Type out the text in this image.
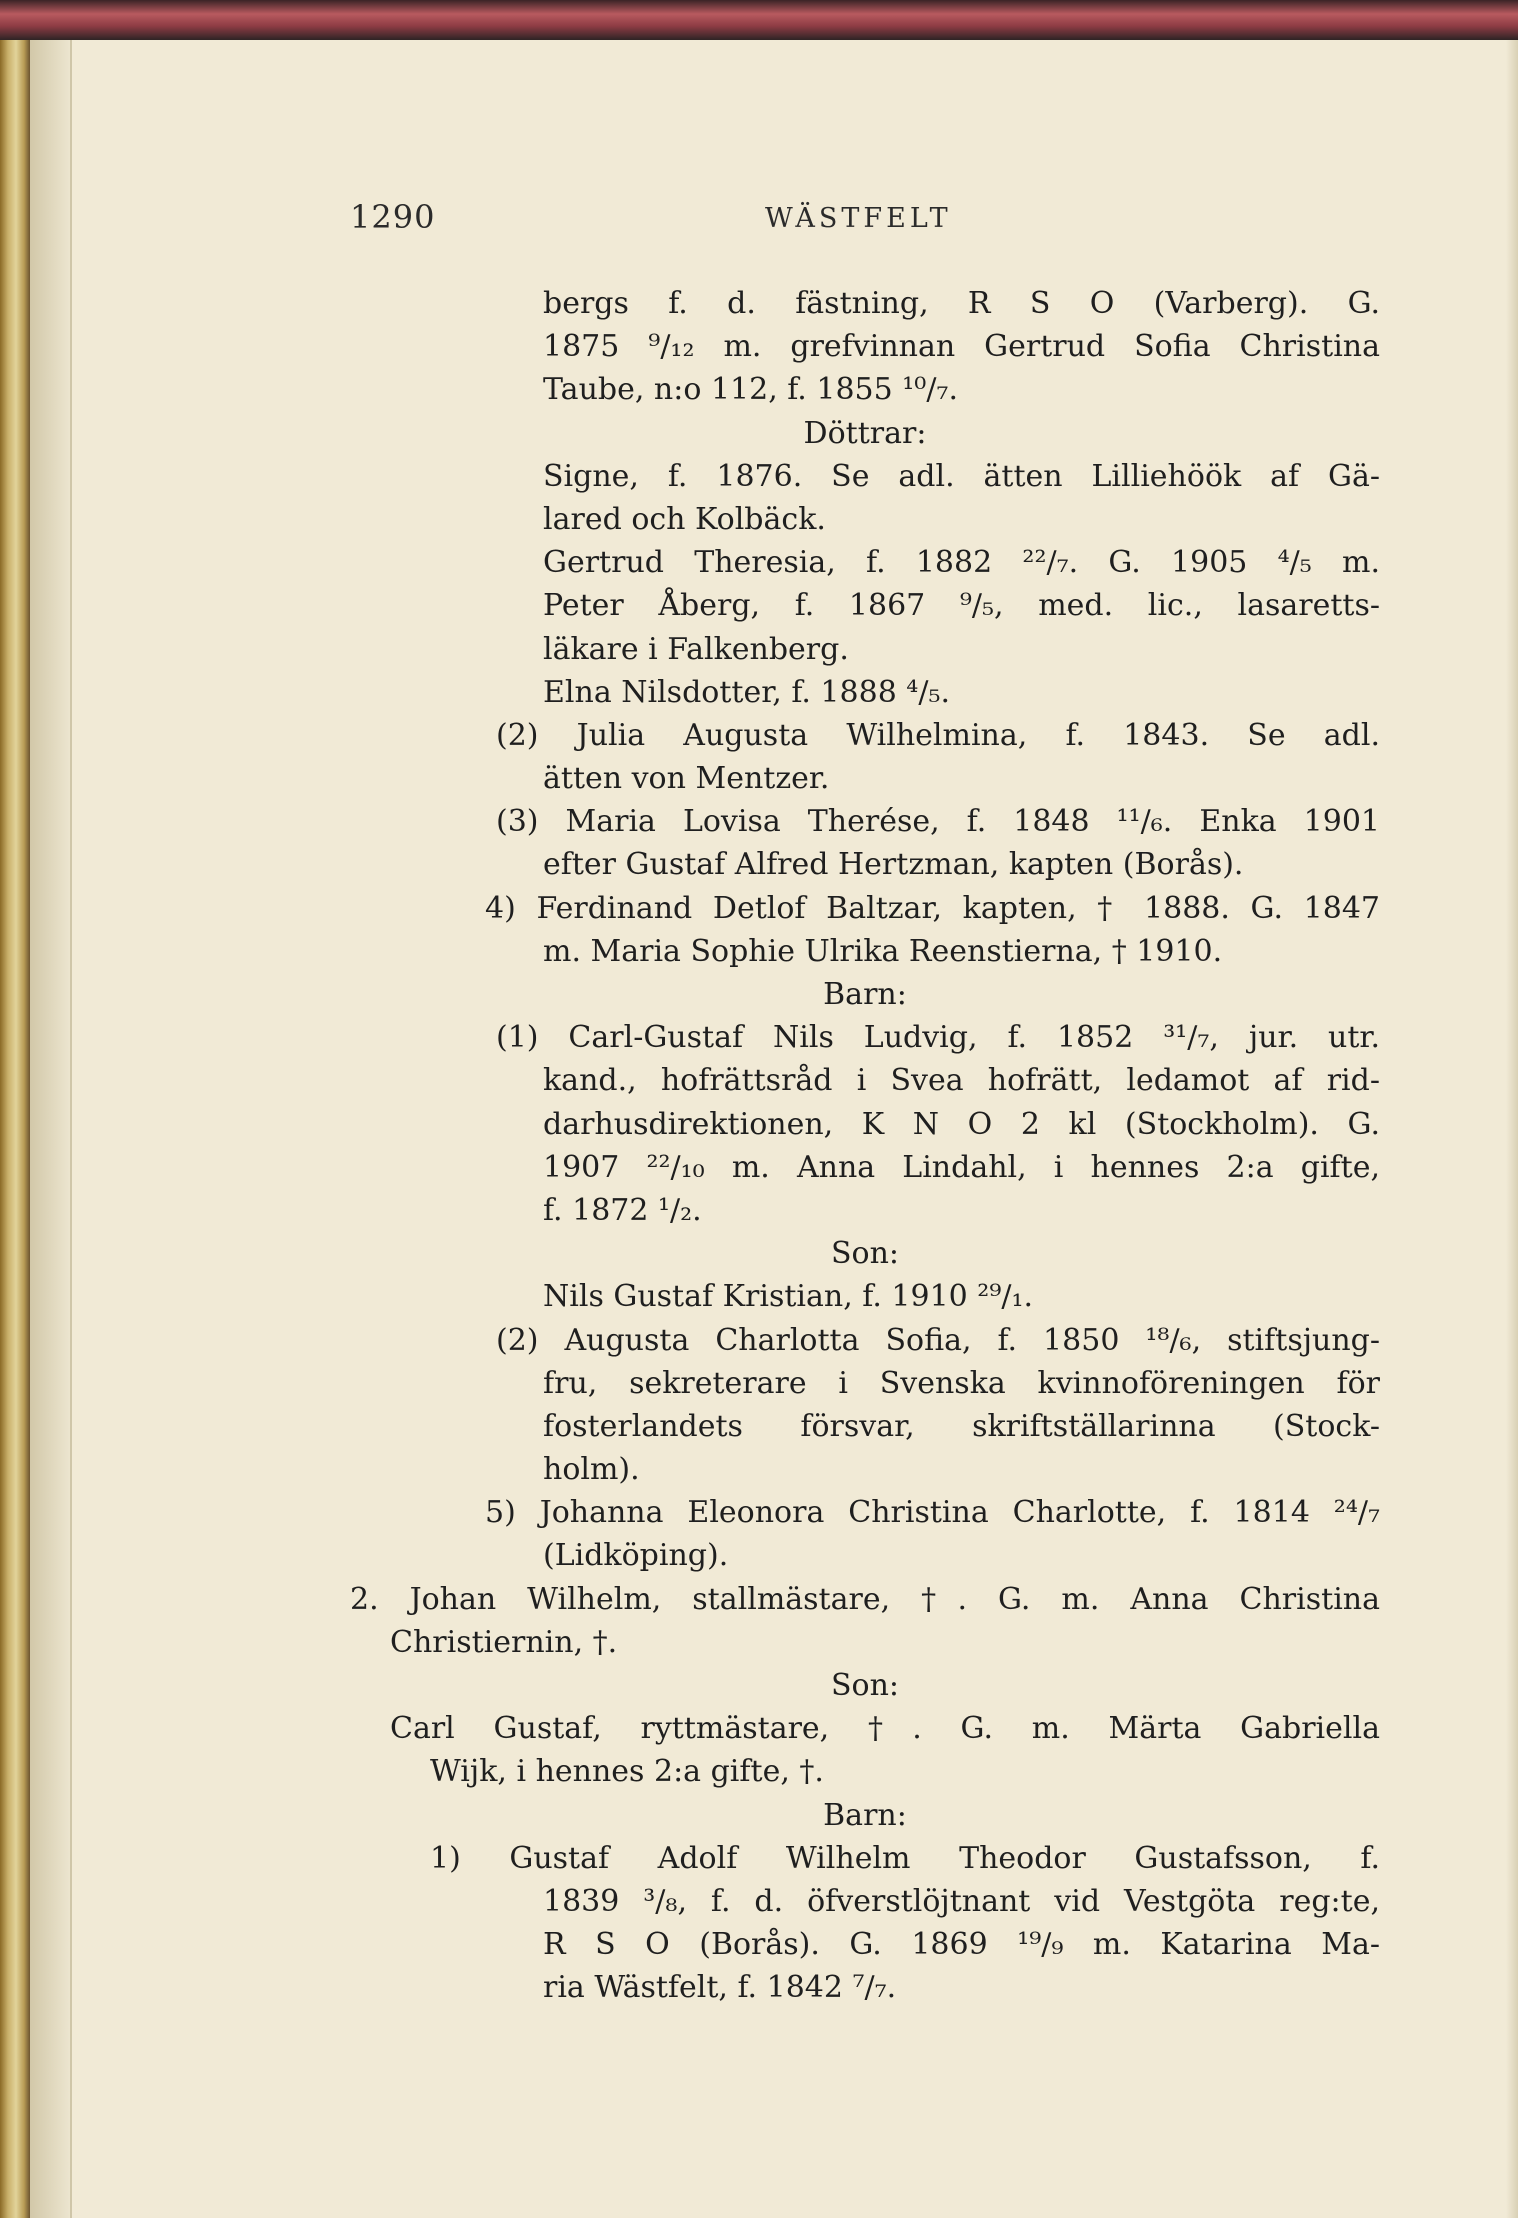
1290	WÄSTFELT
bergs f. d. fästning, R S O (Varberg). G.
1875 ⁹/₁₂ m. grefvinnan Gertrud Sofia Christina
Taube, n:o 112, f. 1855 ¹⁰/₇.
Döttrar:
Signe, f. 1876. Se adl. ätten Lilliehöök af Gä-
lared och Kolbäck.
Gertrud Theresia, f. 1882 ²²/₇. G. 1905 ⁴/₅ m.
Peter Åberg, f. 1867 ⁹/₅, med. lic., lasaretts-
läkare i Falkenberg.
Elna Nilsdotter, f. 1888 ⁴/₅.
(2) Julia Augusta Wilhelmina, f. 1843. Se adl.
ätten von Mentzer.
(3) Maria Lovisa Therése, f. 1848 ¹¹/₆. Enka 1901
efter Gustaf Alfred Hertzman, kapten (Borås).
4) Ferdinand Detlof Baltzar, kapten, † 1888. G. 1847
m. Maria Sophie Ulrika Reenstierna, † 1910.
Barn:
(1) Carl-Gustaf Nils Ludvig, f. 1852 ³¹/₇, jur. utr.
kand., hofrättsråd i Svea hofrätt, ledamot af rid-
darhusdirektionen, K N O 2 kl (Stockholm). G.
1907 ²²/₁₀ m. Anna Lindahl, i hennes 2:a gifte,
f. 1872 ¹/₂.
Son:
Nils Gustaf Kristian, f. 1910 ²⁹/₁.
(2) Augusta Charlotta Sofia, f. 1850 ¹⁸/₆, stiftsjung-
fru, sekreterare i Svenska kvinnoföreningen för
fosterlandets försvar, skriftställarinna (Stock-
holm).
5) Johanna Eleonora Christina Charlotte, f. 1814 ²⁴/₇
(Lidköping).
2. Johan Wilhelm, stallmästare, †. G. m. Anna Christina
Christiernin, †.
Son:
Carl Gustaf, ryttmästare, †. G. m. Märta Gabriella
Wijk, i hennes 2:a gifte, †.
Barn:
1) Gustaf Adolf Wilhelm Theodor Gustafsson, f.
1839 ³/₈, f. d. öfverstlöjtnant vid Vestgöta reg:te,
R S O (Borås). G. 1869 ¹⁹/₉ m. Katarina Ma-
ria Wästfelt, f. 1842 ⁷/₇.
